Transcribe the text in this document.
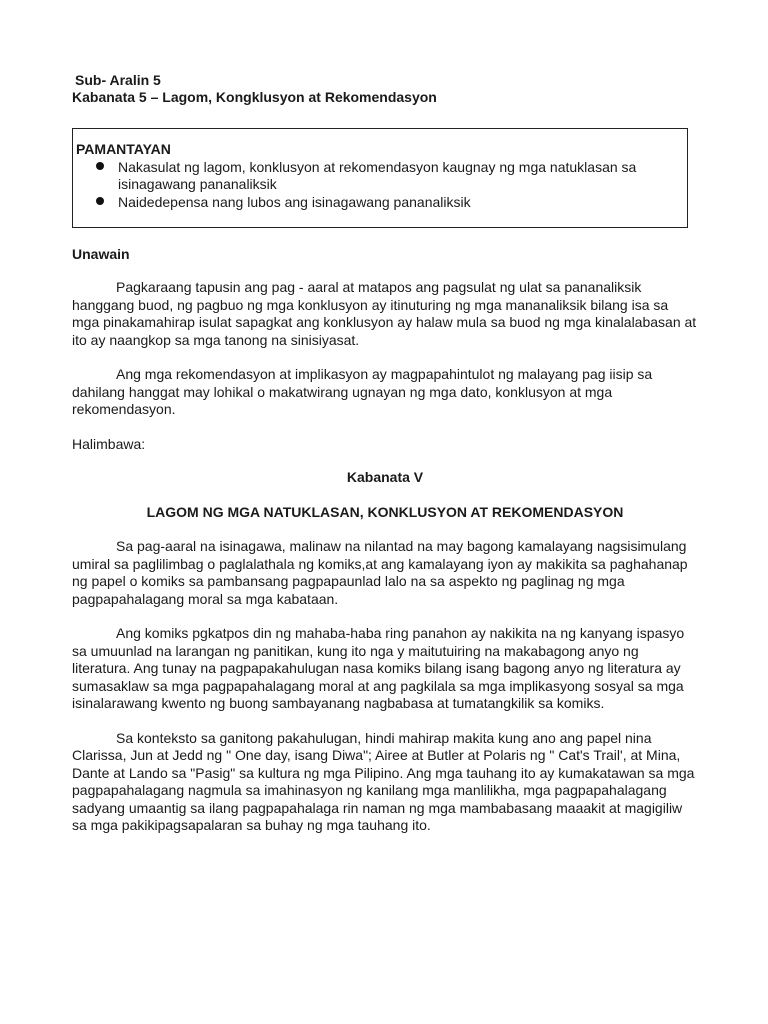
Sub- Aralin 5
Kabanata 5 – Lagom, Kongklusyon at Rekomendasyon
PAMANTAYAN
Nakasulat ng lagom, konklusyon at rekomendasyon kaugnay ng mga natuklasan sa isinagawang pananaliksik
Naidedepensa nang lubos ang isinagawang pananaliksik
Unawain

Pagkaraang tapusin ang pag - aaral at matapos ang pagsulat ng ulat sa pananaliksik hanggang buod, ng pagbuo ng mga konklusyon ay itinuturing ng mga mananaliksik bilang isa sa mga pinakamahirap isulat sapagkat ang konklusyon ay halaw mula sa buod ng mga kinalalabasan at ito ay naangkop sa mga tanong na sinisiyasat.

Ang mga rekomendasyon at implikasyon ay magpapahintulot ng malayang pag iisip sa dahilang hanggat may lohikal o makatwirang ugnayan ng mga dato, konklusyon at mga rekomendasyon.

Halimbawa:

Kabanata V

LAGOM NG MGA NATUKLASAN, KONKLUSYON AT REKOMENDASYON

Sa pag-aaral na isinagawa, malinaw na nilantad na may bagong kamalayang nagsisimulang umiral sa paglilimbag o paglalathala ng komiks,at ang kamalayang iyon ay makikita sa paghahanap ng papel o komiks sa pambansang pagpapaunlad lalo na sa aspekto ng paglinag ng mga pagpapahalagang moral sa mga kabataan.

Ang komiks pgkatpos din ng mahaba-haba ring panahon ay nakikita na ng kanyang ispasyo sa umuunlad na larangan ng panitikan, kung ito nga y maitutuiring na makabagong anyo ng literatura. Ang tunay na pagpapakahulugan nasa komiks bilang isang bagong anyo ng literatura ay sumasaklaw sa mga pagpapahalagang moral at ang pagkilala sa mga implikasyong sosyal sa mga isinalarawang kwento ng buong sambayanang nagbabasa at tumatangkilik sa komiks.

Sa konteksto sa ganitong pakahulugan, hindi mahirap makita kung ano ang papel nina Clarissa, Jun at Jedd ng " One day, isang Diwa"; Airee at Butler at Polaris ng " Cat's Trail', at Mina, Dante at Lando sa "Pasig" sa kultura ng mga Pilipino. Ang mga tauhang ito ay kumakatawan sa mga pagpapahalagang nagmula sa imahinasyon ng kanilang mga manlilikha, mga pagpapahalagang sadyang umaantig sa ilang pagpapahalaga rin naman ng mga mambabasang maaakit at magigiliw sa mga pakikipagsapalaran sa buhay ng mga tauhang ito.
